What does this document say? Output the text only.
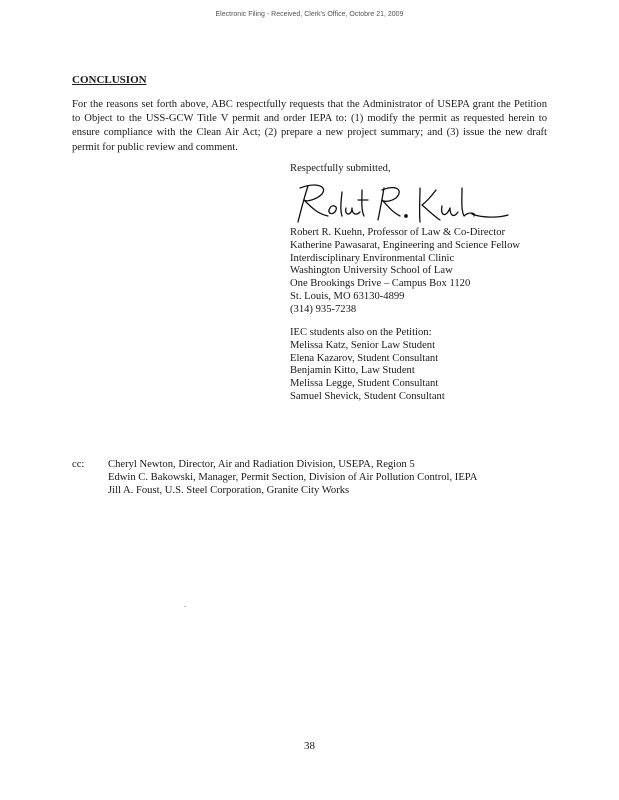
Electronic Filing - Received, Clerk's Office, Octobre 21, 2009
CONCLUSION
For the reasons set forth above, ABC respectfully requests that the Administrator of USEPA grant the Petition to Object to the USS-GCW Title V permit and order IEPA to: (1) modify the permit as requested herein to ensure compliance with the Clean Air Act; (2) prepare a new project summary; and (3) issue the new draft permit for public review and comment.
Respectfully submitted,
Robert R. Kuehn, Professor of Law & Co-Director
Katherine Pawasarat, Engineering and Science Fellow
Interdisciplinary Environmental Clinic
Washington University School of Law
One Brookings Drive – Campus Box 1120
St. Louis, MO 63130-4899
(314) 935-7238
IEC students also on the Petition:
Melissa Katz, Senior Law Student
Elena Kazarov, Student Consultant
Benjamin Kitto, Law Student
Melissa Legge, Student Consultant
Samuel Shevick, Student Consultant
cc: Cheryl Newton, Director, Air and Radiation Division, USEPA, Region 5
Edwin C. Bakowski, Manager, Permit Section, Division of Air Pollution Control, IEPA
Jill A. Foust, U.S. Steel Corporation, Granite City Works
.
38
